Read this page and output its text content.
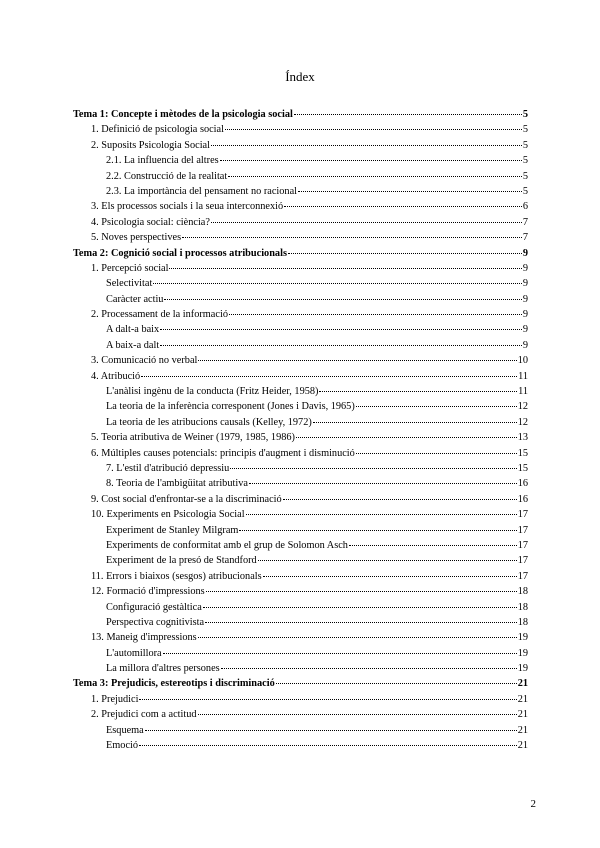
Índex
Tema 1: Concepte i mètodes de la psicologia social	5
1. Definició de psicologia social	5
2. Suposits Psicologia Social	5
2.1. La influencia del altres	5
2.2. Construcció de la realitat	5
2.3. La importància del pensament no racional	5
3. Els processos socials i la seua interconnexió	6
4. Psicologia social: ciència?	7
5. Noves perspectives	7
Tema 2: Cognició social i processos atribucionals	9
1. Percepció social	9
Selectivitat	9
Caràcter actiu	9
2. Processament de la informació	9
A dalt-a baix	9
A baix-a dalt	9
3. Comunicació no verbal	10
4. Atribució	11
L'anàlisi ingènu de la conducta (Fritz Heider, 1958)	11
La teoria de la inferència corresponent (Jones i Davis, 1965)	12
La teoria de les atribucions causals (Kelley, 1972)	12
5. Teoria atributiva de Weiner (1979, 1985, 1986)	13
6. Múltiples causes potencials: principis d'augment i disminució	15
7. L'estil d'atribució depressiu	15
8. Teoria de l'ambigüitat atributiva	16
9. Cost social d'enfrontar-se a la discriminació	16
10. Experiments en Psicologia Social	17
Experiment de Stanley Milgram	17
Experiments de conformitat amb el grup de Solomon Asch	17
Experiment de la presó de Standford	17
11. Errors i biaixos (sesgos) atribucionals	17
12. Formació d'impressions	18
Configuració gestàltica	18
Perspectiva cognitivista	18
13. Maneig d'impressions	19
L'automillora	19
La millora d'altres persones	19
Tema 3: Prejudicis, estereotips i discriminació	21
1. Prejudici	21
2. Prejudici com a actitud	21
Esquema	21
Emoció	21
2
